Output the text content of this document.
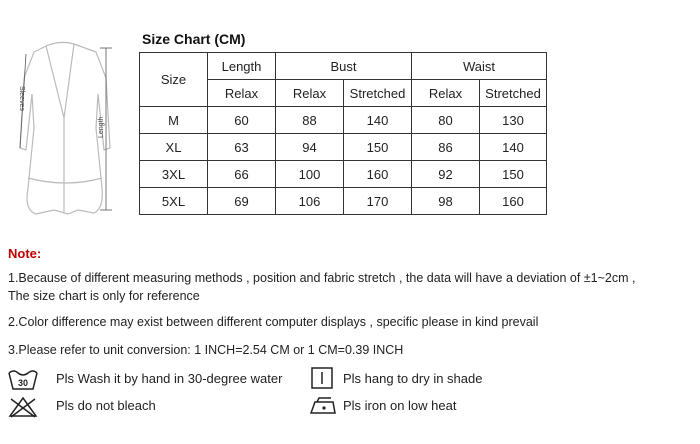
Sleeves
Length
Size Chart (CM)
Size	Length	Bust		Waist	
	Relax	Relax	Stretched	Relax	Stretched
M	60	88	140	80	130
XL	63	94	150	86	140
3XL	66	100	160	92	150
5XL	69	106	170	98	160
Note:
1.Because of different measuring methods , position and fabric stretch , the data will have a deviation of ±1~2cm ,
The size chart is only for reference
2.Color difference may exist between different computer displays , specific please in kind prevail
3.Please refer to unit conversion: 1 INCH=2.54 CM or 1 CM=0.39 INCH
30 Pls Wash it by hand in 30-degree water
Pls do not bleach
Pls hang to dry in shade
Pls iron on low heat
